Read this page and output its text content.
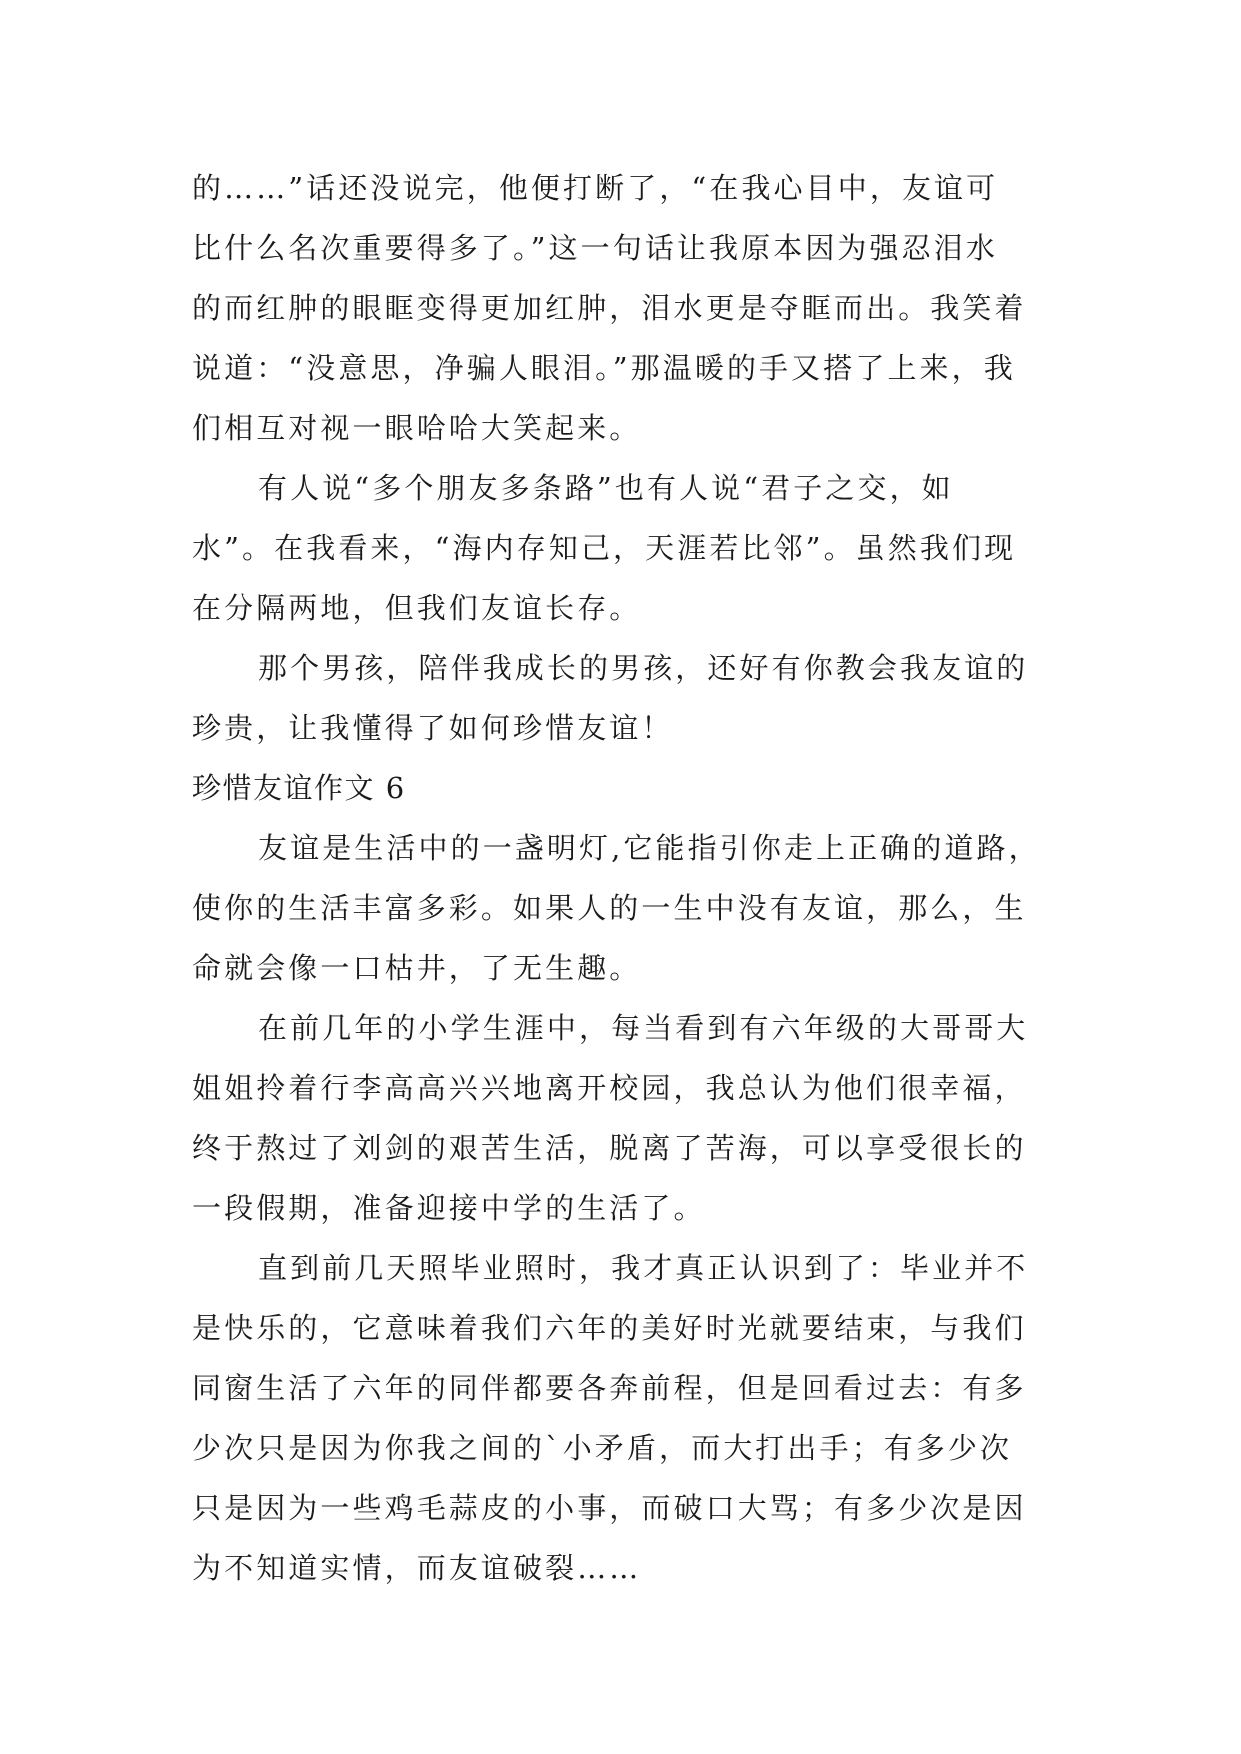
的……”话还没说完，他便打断了，“在我心目中，友谊可
比什么名次重要得多了。”这一句话让我原本因为强忍泪水
的而红肿的眼眶变得更加红肿，泪水更是夺眶而出。我笑着
说道：“没意思，净骗人眼泪。”那温暖的手又搭了上来，我
们相互对视一眼哈哈大笑起来。
有人说“多个朋友多条路”也有人说“君子之交，如
水”。在我看来，“海内存知己，天涯若比邻”。虽然我们现
在分隔两地，但我们友谊长存。
那个男孩，陪伴我成长的男孩，还好有你教会我友谊的
珍贵，让我懂得了如何珍惜友谊！
珍惜友谊作文 6
友谊是生活中的一盏明灯,它能指引你走上正确的道路，
使你的生活丰富多彩。如果人的一生中没有友谊，那么，生
命就会像一口枯井，了无生趣。
在前几年的小学生涯中，每当看到有六年级的大哥哥大
姐姐拎着行李高高兴兴地离开校园，我总认为他们很幸福，
终于熬过了刘剑的艰苦生活，脱离了苦海，可以享受很长的
一段假期，准备迎接中学的生活了。
直到前几天照毕业照时，我才真正认识到了：毕业并不
是快乐的，它意味着我们六年的美好时光就要结束，与我们
同窗生活了六年的同伴都要各奔前程，但是回看过去：有多
少次只是因为你我之间的`小矛盾，而大打出手；有多少次
只是因为一些鸡毛蒜皮的小事，而破口大骂；有多少次是因
为不知道实情，而友谊破裂……
